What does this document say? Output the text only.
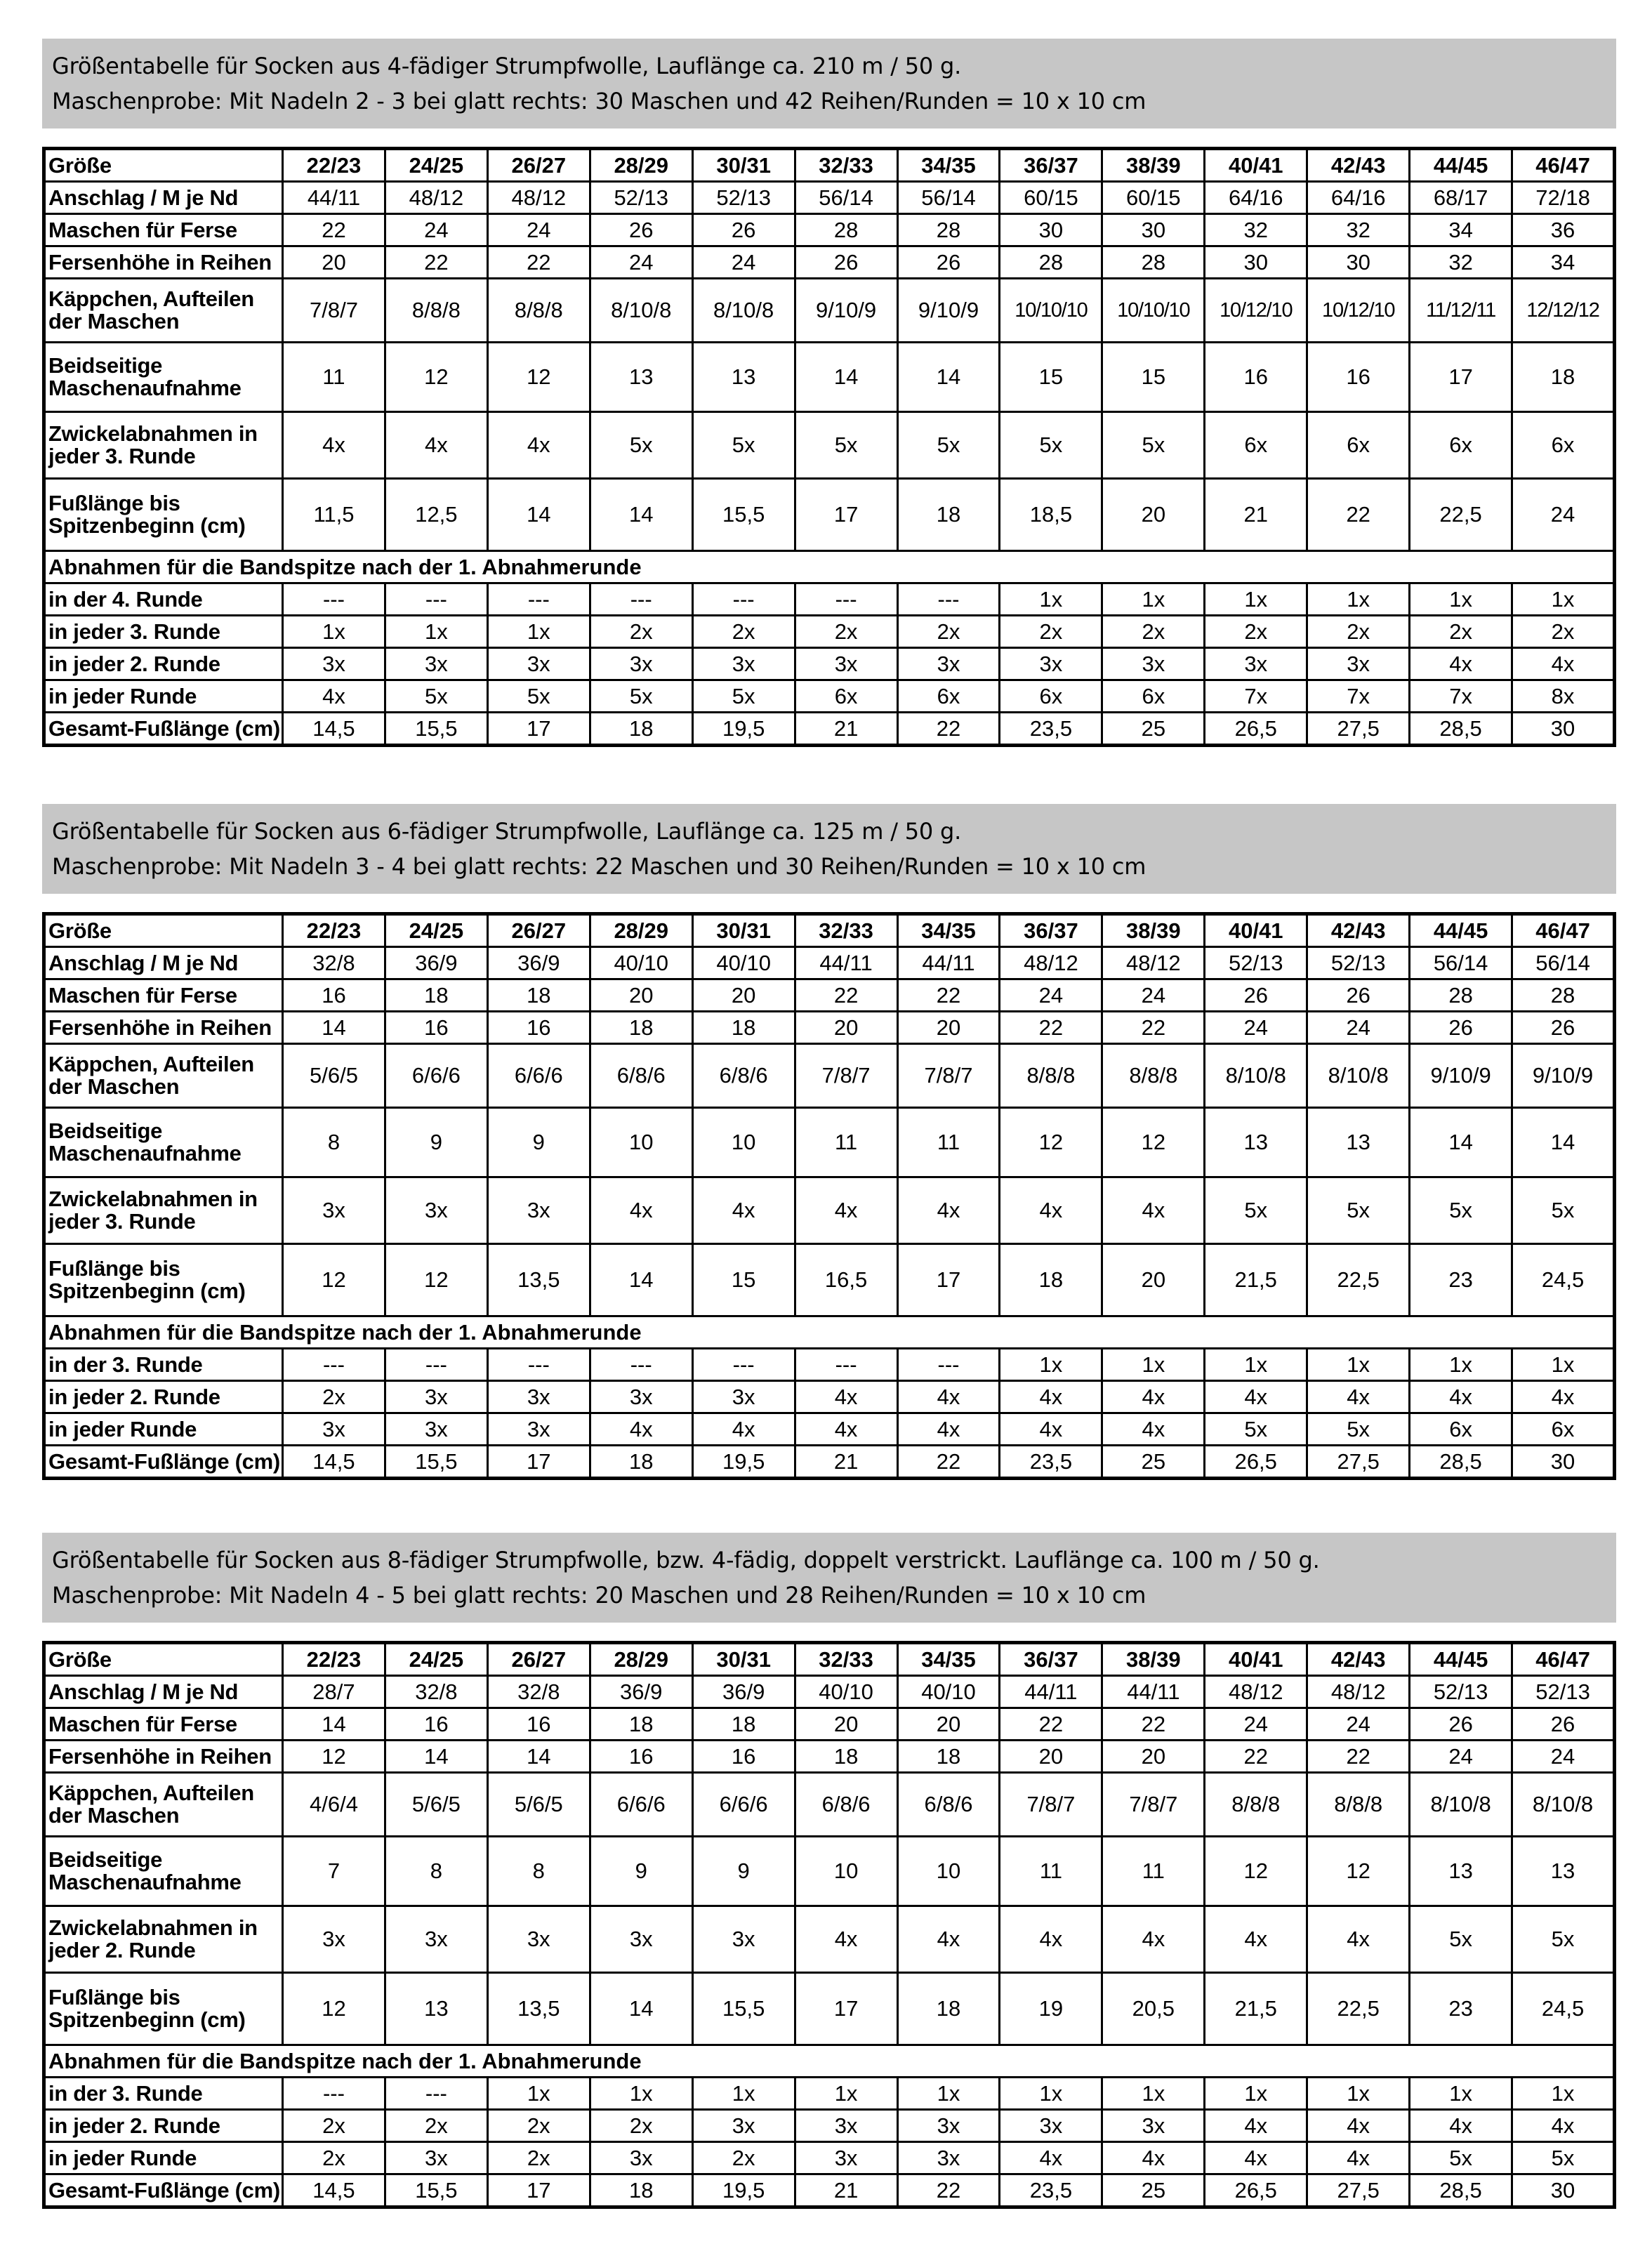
Größentabelle für Socken aus 4-fädiger Strumpfwolle, Lauflänge ca. 210 m / 50 g.
Maschenprobe: Mit Nadeln 2 - 3 bei glatt rechts: 30 Maschen und 42 Reihen/Runden = 10 x 10 cm
Größe	22/23	24/25	26/27	28/29	30/31	32/33	34/35	36/37	38/39	40/41	42/43	44/45	46/47
Anschlag / M je Nd	44/11	48/12	48/12	52/13	52/13	56/14	56/14	60/15	60/15	64/16	64/16	68/17	72/18
Maschen für Ferse	22	24	24	26	26	28	28	30	30	32	32	34	36
Fersenhöhe in Reihen	20	22	22	24	24	26	26	28	28	30	30	32	34
Käppchen, Aufteilen der Maschen	7/8/7	8/8/8	8/8/8	8/10/8	8/10/8	9/10/9	9/10/9	10/10/10	10/10/10	10/12/10	10/12/10	11/12/11	12/12/12
Beidseitige Maschenaufnahme	11	12	12	13	13	14	14	15	15	16	16	17	18
Zwickelabnahmen in jeder 3. Runde	4x	4x	4x	5x	5x	5x	5x	5x	5x	6x	6x	6x	6x
Fußlänge bis Spitzenbeginn (cm)	11,5	12,5	14	14	15,5	17	18	18,5	20	21	22	22,5	24
Abnahmen für die Bandspitze nach der 1. Abnahmerunde													
in der 4. Runde	---	---	---	---	---	---	---	1x	1x	1x	1x	1x	1x
in jeder 3. Runde	1x	1x	1x	2x	2x	2x	2x	2x	2x	2x	2x	2x	2x
in jeder 2. Runde	3x	3x	3x	3x	3x	3x	3x	3x	3x	3x	3x	4x	4x
in jeder Runde	4x	5x	5x	5x	5x	6x	6x	6x	6x	7x	7x	7x	8x
Gesamt-Fußlänge (cm)	14,5	15,5	17	18	19,5	21	22	23,5	25	26,5	27,5	28,5	30
Größentabelle für Socken aus 6-fädiger Strumpfwolle, Lauflänge ca. 125 m / 50 g.
Maschenprobe: Mit Nadeln 3 - 4 bei glatt rechts: 22 Maschen und 30 Reihen/Runden = 10 x 10 cm
Größe	22/23	24/25	26/27	28/29	30/31	32/33	34/35	36/37	38/39	40/41	42/43	44/45	46/47
Anschlag / M je Nd	32/8	36/9	36/9	40/10	40/10	44/11	44/11	48/12	48/12	52/13	52/13	56/14	56/14
Maschen für Ferse	16	18	18	20	20	22	22	24	24	26	26	28	28
Fersenhöhe in Reihen	14	16	16	18	18	20	20	22	22	24	24	26	26
Käppchen, Aufteilen der Maschen	5/6/5	6/6/6	6/6/6	6/8/6	6/8/6	7/8/7	7/8/7	8/8/8	8/8/8	8/10/8	8/10/8	9/10/9	9/10/9
Beidseitige Maschenaufnahme	8	9	9	10	10	11	11	12	12	13	13	14	14
Zwickelabnahmen in jeder 3. Runde	3x	3x	3x	4x	4x	4x	4x	4x	4x	5x	5x	5x	5x
Fußlänge bis Spitzenbeginn (cm)	12	12	13,5	14	15	16,5	17	18	20	21,5	22,5	23	24,5
Abnahmen für die Bandspitze nach der 1. Abnahmerunde													
in der 3. Runde	---	---	---	---	---	---	---	1x	1x	1x	1x	1x	1x
in jeder 2. Runde	2x	3x	3x	3x	3x	4x	4x	4x	4x	4x	4x	4x	4x
in jeder Runde	3x	3x	3x	4x	4x	4x	4x	4x	4x	5x	5x	6x	6x
Gesamt-Fußlänge (cm)	14,5	15,5	17	18	19,5	21	22	23,5	25	26,5	27,5	28,5	30
Größentabelle für Socken aus 8-fädiger Strumpfwolle, bzw. 4-fädig, doppelt verstrickt. Lauflänge ca. 100 m / 50 g.
Maschenprobe: Mit Nadeln 4 - 5 bei glatt rechts: 20 Maschen und 28 Reihen/Runden = 10 x 10 cm
Größe	22/23	24/25	26/27	28/29	30/31	32/33	34/35	36/37	38/39	40/41	42/43	44/45	46/47
Anschlag / M je Nd	28/7	32/8	32/8	36/9	36/9	40/10	40/10	44/11	44/11	48/12	48/12	52/13	52/13
Maschen für Ferse	14	16	16	18	18	20	20	22	22	24	24	26	26
Fersenhöhe in Reihen	12	14	14	16	16	18	18	20	20	22	22	24	24
Käppchen, Aufteilen der Maschen	4/6/4	5/6/5	5/6/5	6/6/6	6/6/6	6/8/6	6/8/6	7/8/7	7/8/7	8/8/8	8/8/8	8/10/8	8/10/8
Beidseitige Maschenaufnahme	7	8	8	9	9	10	10	11	11	12	12	13	13
Zwickelabnahmen in jeder 2. Runde	3x	3x	3x	3x	3x	4x	4x	4x	4x	4x	4x	5x	5x
Fußlänge bis Spitzenbeginn (cm)	12	13	13,5	14	15,5	17	18	19	20,5	21,5	22,5	23	24,5
Abnahmen für die Bandspitze nach der 1. Abnahmerunde													
in der 3. Runde	---	---	1x	1x	1x	1x	1x	1x	1x	1x	1x	1x	1x
in jeder 2. Runde	2x	2x	2x	2x	3x	3x	3x	3x	3x	4x	4x	4x	4x
in jeder Runde	2x	3x	2x	3x	2x	3x	3x	4x	4x	4x	4x	5x	5x
Gesamt-Fußlänge (cm)	14,5	15,5	17	18	19,5	21	22	23,5	25	26,5	27,5	28,5	30
